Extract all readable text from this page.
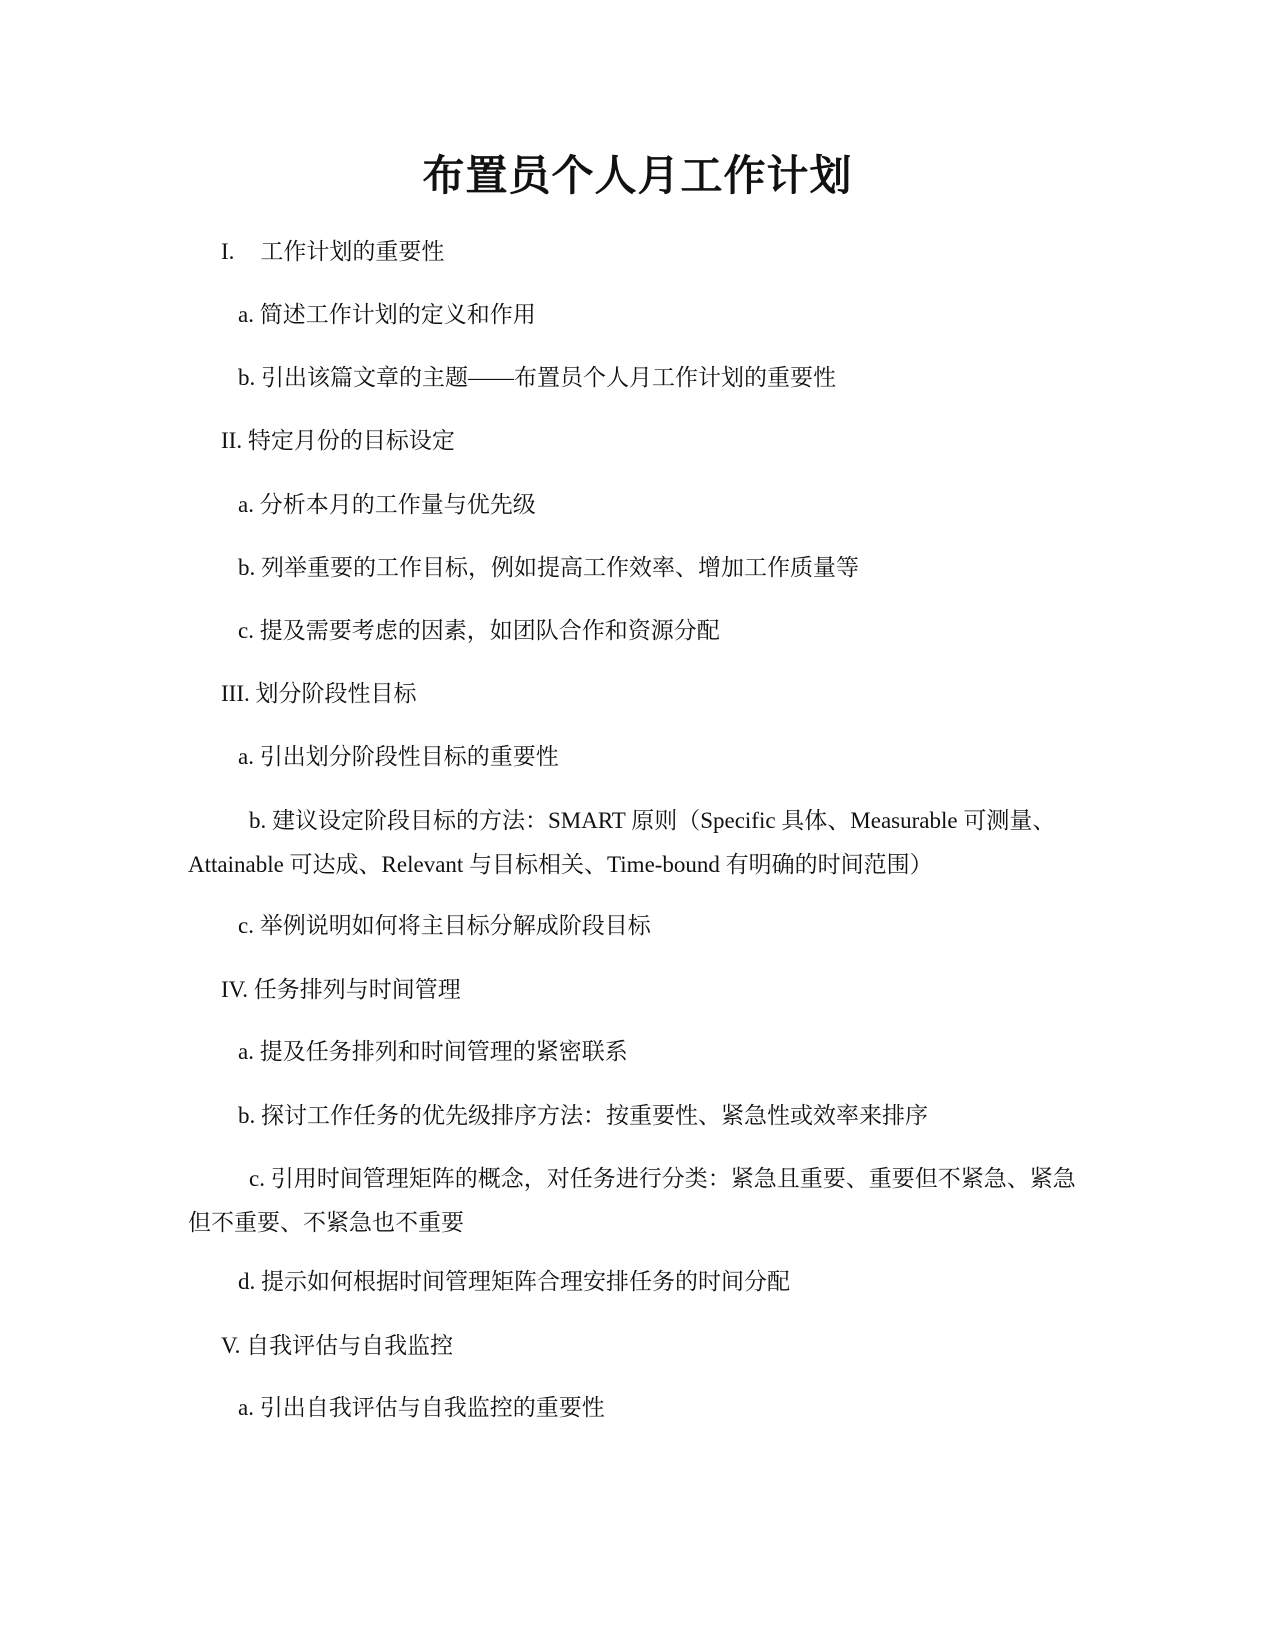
布置员个人月工作计划
I. 工作计划的重要性
a. 简述工作计划的定义和作用
b. 引出该篇文章的主题——布置员个人月工作计划的重要性
II. 特定月份的目标设定
a. 分析本月的工作量与优先级
b. 列举重要的工作目标，例如提高工作效率、增加工作质量等
c. 提及需要考虑的因素，如团队合作和资源分配
III. 划分阶段性目标
a. 引出划分阶段性目标的重要性
b. 建议设定阶段目标的方法：SMART 原则（Specific 具体、Measurable 可测量、Attainable 可达成、Relevant 与目标相关、Time-bound 有明确的时间范围）
c. 举例说明如何将主目标分解成阶段目标
IV. 任务排列与时间管理
a. 提及任务排列和时间管理的紧密联系
b. 探讨工作任务的优先级排序方法：按重要性、紧急性或效率来排序
c. 引用时间管理矩阵的概念，对任务进行分类：紧急且重要、重要但不紧急、紧急但不重要、不紧急也不重要
d. 提示如何根据时间管理矩阵合理安排任务的时间分配
V. 自我评估与自我监控
a. 引出自我评估与自我监控的重要性
